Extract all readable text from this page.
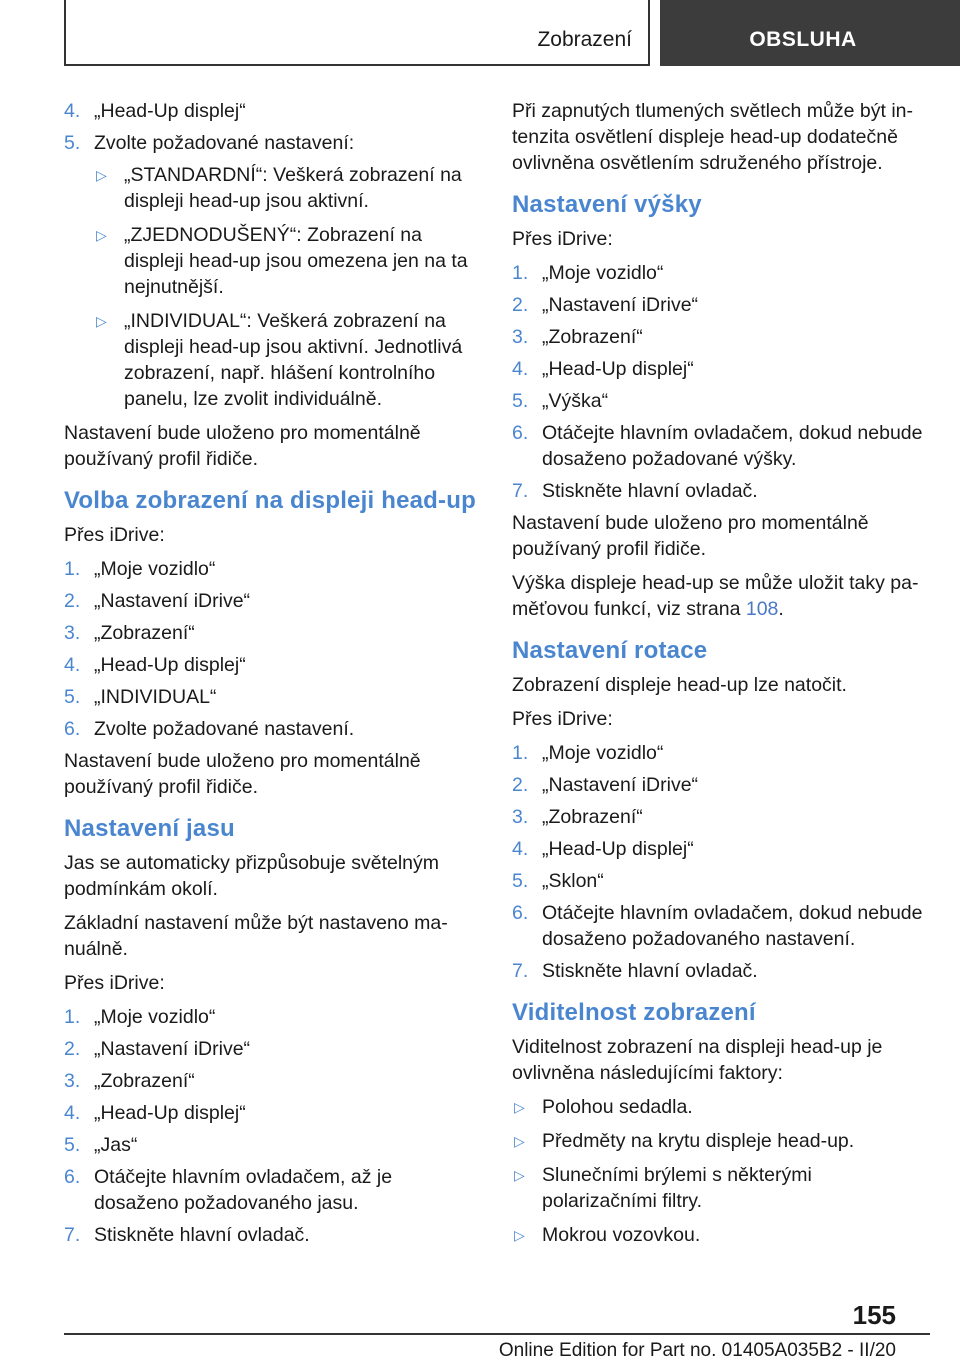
Zobrazení	OBSLUHA
4. „Head-Up displej“
5. Zvolte požadované nastavení:
▷ „STANDARDNÍ“: Veškerá zobrazení na displeji head-up jsou aktivní.
▷ „ZJEDNODUŠENÝ“: Zobrazení na displeji head-up jsou omezena jen na ta nejnutnější.
▷ „INDIVIDUAL“: Veškerá zobrazení na displeji head-up jsou aktivní. Jednotlivá zobrazení, např. hlášení kontrolního panelu, lze zvolit individuálně.

Nastavení bude uloženo pro momentálně používaný profil řidiče.

Volba zobrazení na displeji head-up

Přes iDrive:

1. „Moje vozidlo“
2. „Nastavení iDrive“
3. „Zobrazení“
4. „Head-Up displej“
5. „INDIVIDUAL“
6. Zvolte požadované nastavení.

Nastavení bude uloženo pro momentálně používaný profil řidiče.

Nastavení jasu

Jas se automaticky přizpůsobuje světelným podmínkám okolí.

Základní nastavení může být nastaveno manuálně.

Přes iDrive:

1. „Moje vozidlo“
2. „Nastavení iDrive“
3. „Zobrazení“
4. „Head-Up displej“
5. „Jas“
6. Otáčejte hlavním ovladačem, až je dosaženo požadovaného jasu.
7. Stiskněte hlavní ovladač.

Při zapnutých tlumených světlech může být intenzita osvětlení displeje head-up dodatečně ovlivněna osvětlením sdruženého přístroje.

Nastavení výšky

Přes iDrive:

1. „Moje vozidlo“
2. „Nastavení iDrive“
3. „Zobrazení“
4. „Head-Up displej“
5. „Výška“
6. Otáčejte hlavním ovladačem, dokud nebude dosaženo požadované výšky.
7. Stiskněte hlavní ovladač.

Nastavení bude uloženo pro momentálně používaný profil řidiče.

Výška displeje head-up se může uložit taky paměťovou funkcí, viz strana 108.

Nastavení rotace

Zobrazení displeje head-up lze natočit.

Přes iDrive:

1. „Moje vozidlo“
2. „Nastavení iDrive“
3. „Zobrazení“
4. „Head-Up displej“
5. „Sklon“
6. Otáčejte hlavním ovladačem, dokud nebude dosaženo požadovaného nastavení.
7. Stiskněte hlavní ovladač.
Viditelnost zobrazení

Viditelnost zobrazení na displeji head-up je ovlivněna následujícími faktory:

▷ Polohou sedadla.
▷ Předměty na krytu displeje head-up.
▷ Slunečními brýlemi s některými polarizačními filtry.
▷ Mokrou vozovkou.
155
Online Edition for Part no. 01405A035B2 - II/20
